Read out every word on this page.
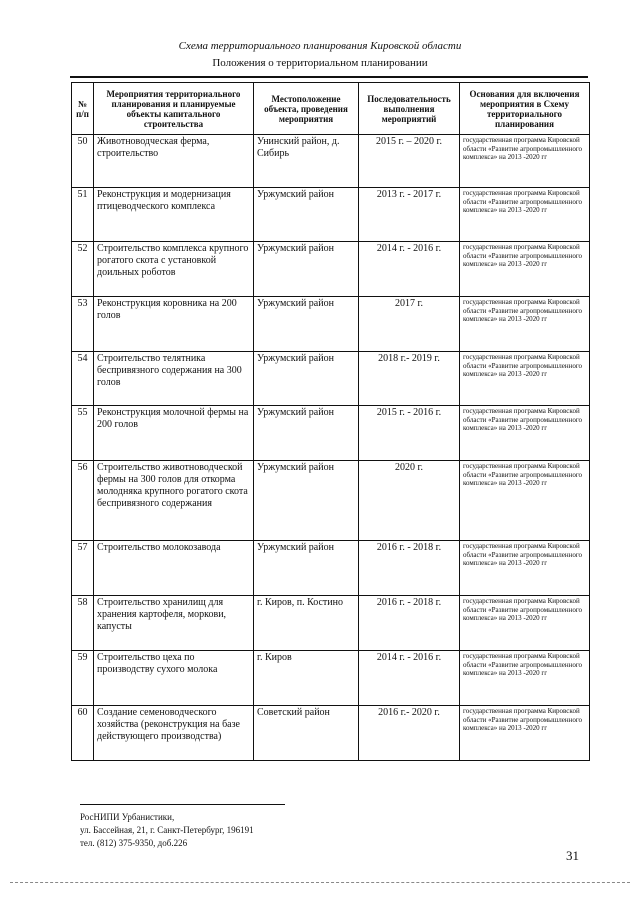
Схема территориального планирования Кировской области
Положения о территориальном планировании
№ п/п	Мероприятия территориального планирования и планируемые объекты капитального строительства	Местоположение объекта, проведения мероприятия	Последовательность выполнения мероприятий	Основания для включения мероприятия в Схему территориального планирования
50	Животноводческая ферма, строительство	Унинский район, д. Сибирь	2015 г. – 2020 г.	государственная программа Кировской области «Развитие агропромышленного комплекса» на 2013 -2020 гг
51	Реконструкция и модернизация птицеводческого комплекса	Уржумский район	2013 г. - 2017 г.	государственная программа Кировской области «Развитие агропромышленного комплекса» на 2013 -2020 гг
52	Строительство комплекса крупного рогатого скота с установкой доильных роботов	Уржумский район	2014 г. - 2016 г.	государственная программа Кировской области «Развитие агропромышленного комплекса» на 2013 -2020 гг
53	Реконструкция коровника на 200 голов	Уржумский район	2017 г.	государственная программа Кировской области «Развитие агропромышленного комплекса» на 2013 -2020 гг
54	Строительство телятника беспривязного содержания на 300 голов	Уржумский район	2018 г.- 2019 г.	государственная программа Кировской области «Развитие агропромышленного комплекса» на 2013 -2020 гг
55	Реконструкция молочной фермы на 200 голов	Уржумский район	2015 г. - 2016 г.	государственная программа Кировской области «Развитие агропромышленного комплекса» на 2013 -2020 гг
56	Строительство животноводческой фермы на 300 голов для откорма молодняка крупного рогатого скота беспривязного содержания	Уржумский район	2020 г.	государственная программа Кировской области «Развитие агропромышленного комплекса» на 2013 -2020 гг
57	Строительство молокозавода	Уржумский район	2016 г. - 2018 г.	государственная программа Кировской области «Развитие агропромышленного комплекса» на 2013 -2020 гг
58	Строительство хранилищ для хранения картофеля, моркови, капусты	г. Киров, п. Костино	2016 г. - 2018 г.	государственная программа Кировской области «Развитие агропромышленного комплекса» на 2013 -2020 гг
59	Строительство цеха по производству сухого молока	г. Киров	2014 г. - 2016 г.	государственная программа Кировской области «Развитие агропромышленного комплекса» на 2013 -2020 гг
60	Создание семеноводческого хозяйства (реконструкция на базе действующего производства)	Советский район	2016 г.- 2020 г.	государственная программа Кировской области «Развитие агропромышленного комплекса» на 2013 -2020 гг
РосНИПИ Урбанистики,
ул. Бассейная, 21, г. Санкт-Петербург, 196191
тел. (812) 375-9350, доб.226
31
